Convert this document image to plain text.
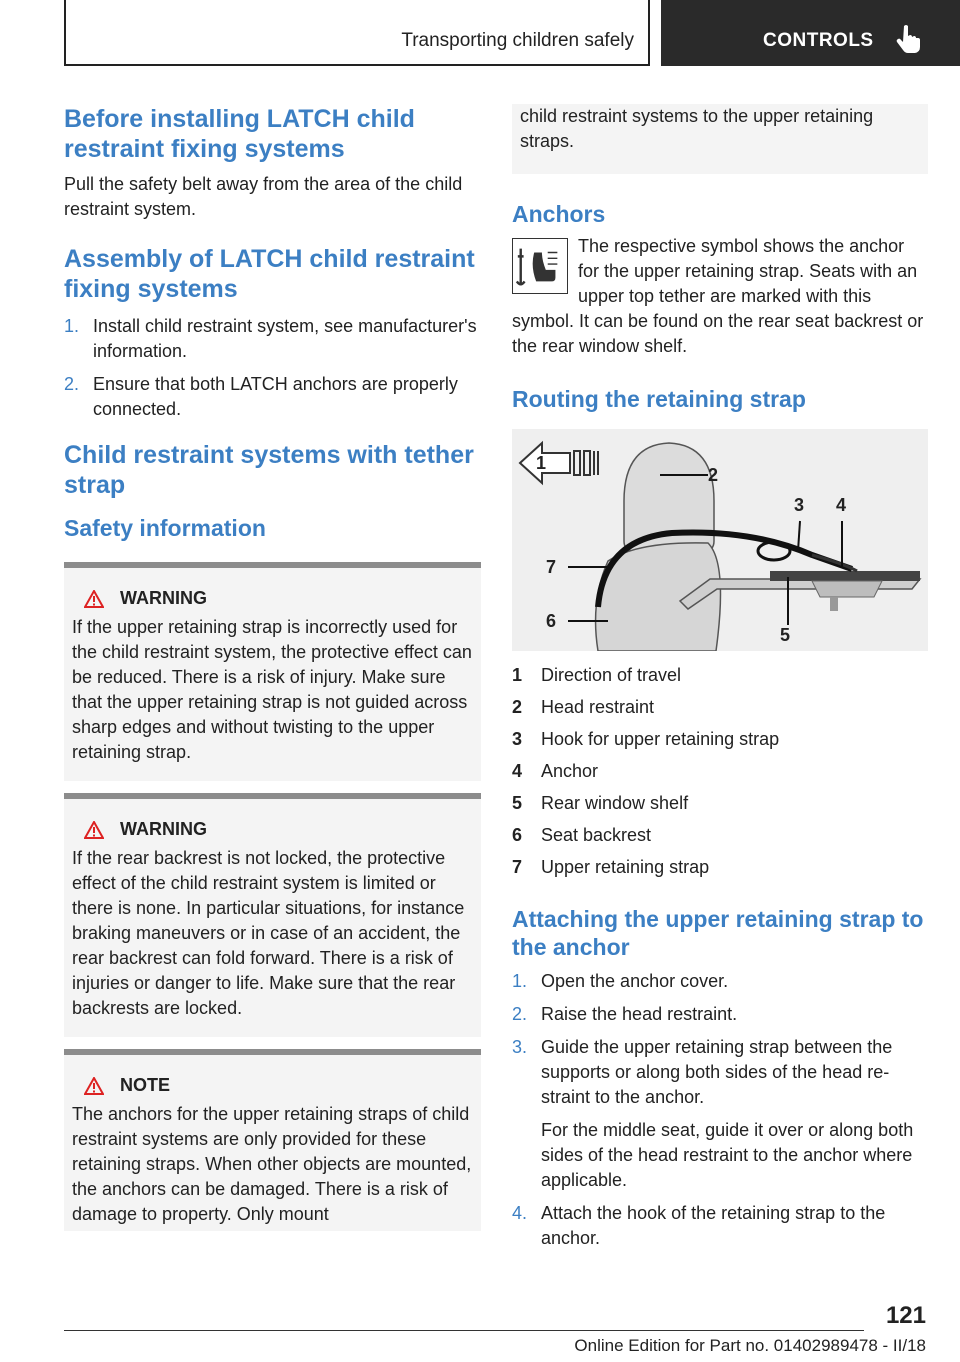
Transporting children safely	CONTROLS
Before installing LATCH child restraint fixing systems

Pull the safety belt away from the area of the child restraint system.

Assembly of LATCH child restraint fixing systems
1. Install child restraint system, see manufacturer's information.
2. Ensure that both LATCH anchors are properly connected.
Child restraint systems with tether strap
Safety information
WARNING

If the upper retaining strap is incorrectly used for the child restraint system, the protective effect can be reduced. There is a risk of injury. Make sure that the upper retaining strap is not guided across sharp edges and without twisting to the upper retaining strap.

WARNING

If the rear backrest is not locked, the protective effect of the child restraint system is limited or there is none. In particular situations, for instance braking maneuvers or in case of an accident, the rear backrest can fold forward. There is a risk of injuries or danger to life. Make sure that the rear backrests are locked.

NOTE

The anchors for the upper retaining straps of child restraint systems are only provided for these retaining straps. When other objects are mounted, the anchors can be damaged. There is a risk of damage to property. Only mount

child restraint systems to the upper retaining straps.

Anchors

The respective symbol shows the anchor for the upper retaining strap. Seats with an upper top tether are marked with this symbol. It can be found on the rear seat backrest or the rear window shelf.

Routing the retaining strap
2
3 4
5
6
7
1
1	Direction of travel
2	Head restraint
3	Hook for upper retaining strap
4	Anchor
5	Rear window shelf
6	Seat backrest
7	Upper retaining strap
Attaching the upper retaining strap to the anchor
1. Open the anchor cover.
2. Raise the head restraint.
3. Guide the upper retaining strap between the supports or along both sides of the head restraint to the anchor.

For the middle seat, guide it over or along both sides of the head restraint to the anchor where applicable.

4. Attach the hook of the retaining strap to the anchor.
121
Online Edition for Part no. 01402989478 - II/18
